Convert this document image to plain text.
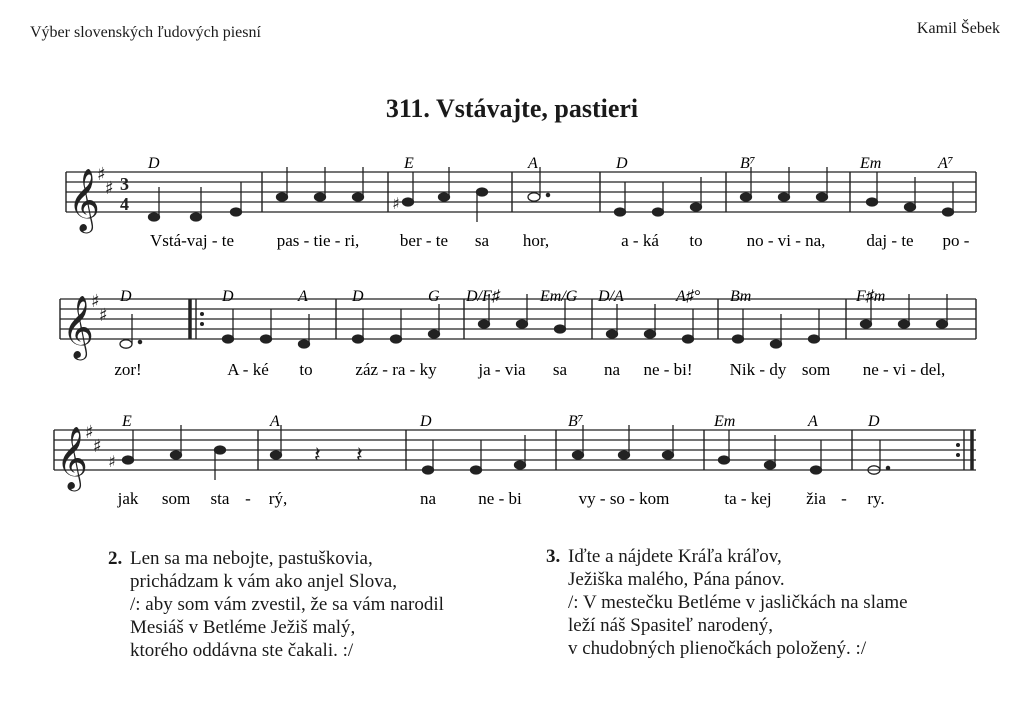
Výber slovenských ľudových piesní	Kamil Šebek
311. Vstávajte, pastieri
𝄞
♯
♯ 3
4	♯
D	E	A	D	B⁷	Em	A⁷
Vstá-vaj - te	pas - tie - ri, ber - te sa hor,	a - ká to	no - vi - na, daj - te po -
𝄞
♯
♯
D	D	A	D	G D/F♯	Em/G D/A	A♯° Bm	F♯m
zor!	A - ké to	záz - ra - ky ja - via sa na ne - bi! Nik - dy som ne - vi - del,
𝄞
♯
♯
♯	𝄽 𝄽
E	A	D	B⁷	Em	A	D
jak som sta - rý,	na ne - bi	vy - so - kom	ta - kej žia - ry.
2. Len sa ma nebojte, pastuškovia,
prichádzam k vám ako anjel Slova,
/: aby som vám zvestil, že sa vám narodil
Mesiáš v Betléme Ježiš malý,
ktorého oddávna ste čakali. :/
3. Iďte a nájdete Kráľa kráľov,
Ježiška malého, Pána pánov.
/: V mestečku Betléme v jasličkách na slame
leží náš Spasiteľ narodený,
v chudobných plienočkách položený. :/
